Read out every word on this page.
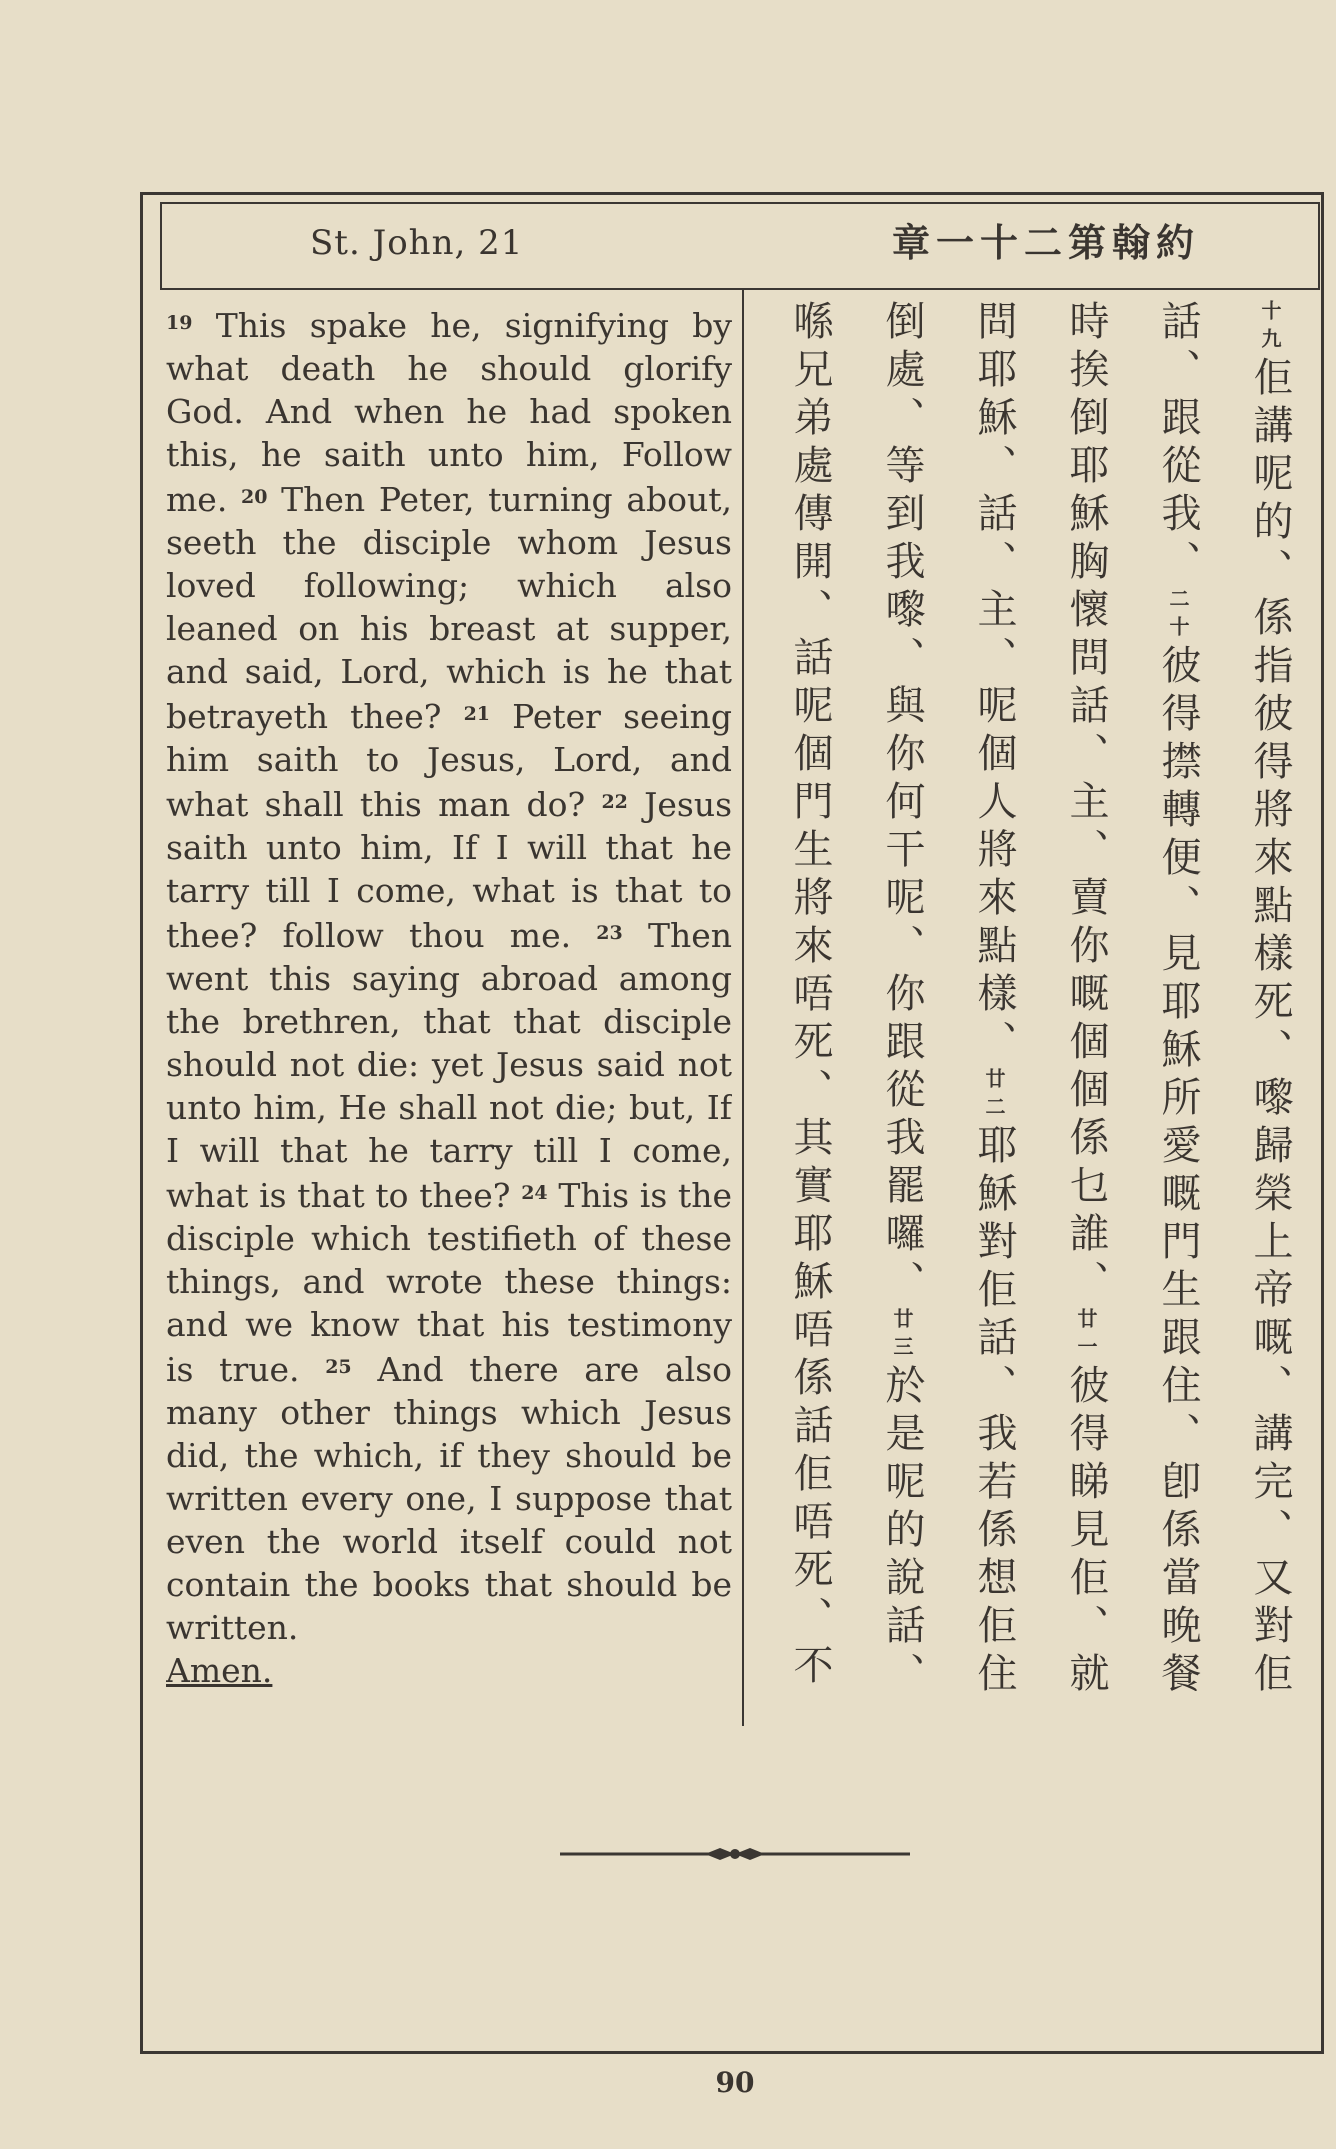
St. John, 21	約翰第二十一章
$^{19}$ This spake he, signifying by what death he should glorify God. And when he had spoken this, he saith unto him, Follow me. $^{20}$ Then Peter, turning about, seeth the disciple whom Jesus loved following; which also leaned on his breast at supper, and said, Lord, which is he that betrayeth thee? $^{21}$ Peter seeing him saith to Jesus, Lord, and what shall this man do? $^{22}$ Jesus saith unto him, If I will that he tarry till I come, what is that to thee? follow thou me. $^{23}$ Then went this saying abroad among the brethren, that that disciple should not die: yet Jesus said not unto him, He shall not die; but, If I will that he tarry till I come, what is that to thee? $^{24}$ This is the disciple which testifieth of these things, and wrote these things: and we know that his testimony is true. $^{25}$ And there are also many other things which Jesus did, the which, if they should be written every one, I suppose that even the world itself could not contain the books that should be written.
Amen.
十九佢講呢的、係指彼得將來點樣死、嚟歸榮上帝嘅、講完、又對佢話、跟從我、二十彼得㩒轉便、見耶穌所愛嘅門生跟住、卽係當晚餐時挨倒耶穌胸懷問話、主、賣你嘅個個係乜誰、廿一彼得睇見佢、就問耶穌、話、主、呢個人將來點樣、廿二耶穌對佢話、我若係想佢住倒處、等到我嚟、與你何干呢、你跟從我罷囉、廿三於是呢的說話、喺兄弟處傳開、話呢個門生將來唔死、其實耶穌唔係話佢唔死、不
90
